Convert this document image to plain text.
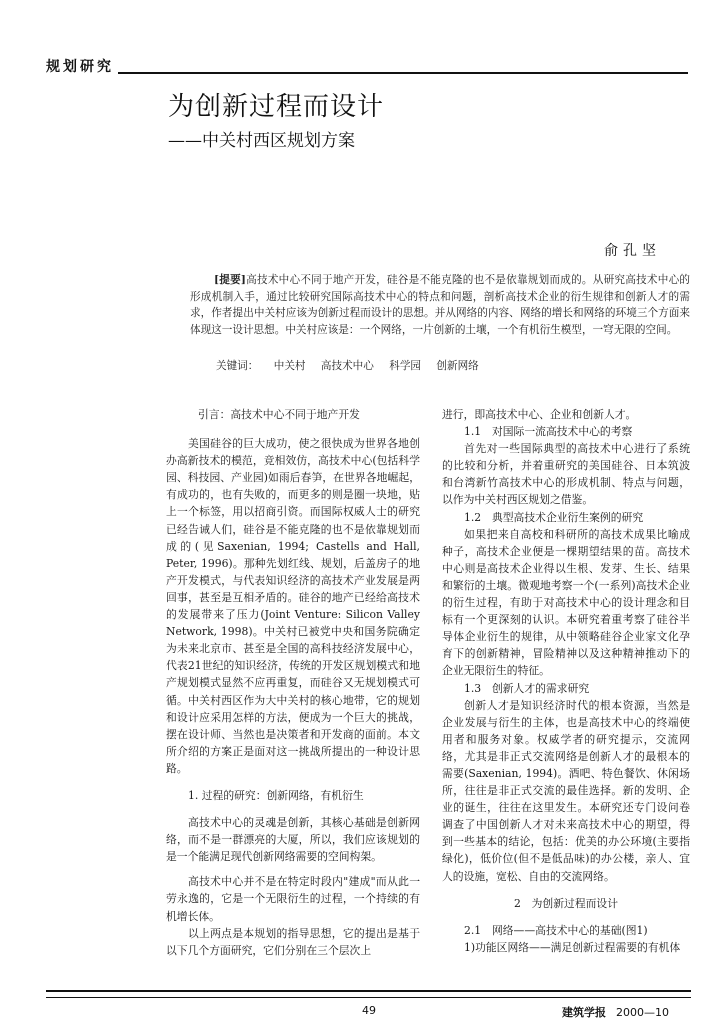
规划研究
为创新过程而设计
——中关村西区规划方案
俞孔坚
[提要]高技术中心不同于地产开发，硅谷是不能克隆的也不是依靠规划而成的。从研究高技术中心的形成机制入手，通过比较研究国际高技术中心的特点和问题，剖析高技术企业的衍生规律和创新人才的需求，作者提出中关村应该为创新过程而设计的思想。并从网络的内容、网络的增长和网络的环境三个方面来体现这一设计思想。中关村应该是：一个网络，一片创新的土壤，一个有机衍生模型，一穹无限的空间。
关键词： 中关村 高技术中心 科学园 创新网络
引言：高技术中心不同于地产开发

美国硅谷的巨大成功，使之很快成为世界各地创办高新技术的模范，竞相效仿，高技术中心(包括科学园、科技园、产业园)如雨后春笋，在世界各地崛起，有成功的，也有失败的，而更多的则是圈一块地，贴上一个标签，用以招商引资。而国际权威人士的研究已经告诫人们，硅谷是不能克隆的也不是依靠规划而成的(见Saxenian, 1994; Castells and Hall, Peter, 1996)。那种先划红线、规划，后盖房子的地产开发模式，与代表知识经济的高技术产业发展是两回事，甚至是互相矛盾的。硅谷的地产已经给高技术的发展带来了压力(Joint Venture: Silicon Valley Network, 1998)。中关村已被党中央和国务院确定为未来北京市、甚至是全国的高科技经济发展中心，代表21世纪的知识经济，传统的开发区规划模式和地产规划模式显然不应再重复，而硅谷又无规划模式可循。中关村西区作为大中关村的核心地带，它的规划和设计应采用怎样的方法，便成为一个巨大的挑战，摆在设计师、当然也是决策者和开发商的面前。本文所介绍的方案正是面对这一挑战所提出的一种设计思路。

1. 过程的研究：创新网络，有机衍生

高技术中心的灵魂是创新，其核心基础是创新网络，而不是一群漂亮的大厦，所以，我们应该规划的是一个能满足现代创新网络需要的空间构架。

高技术中心并不是在特定时段内"建成"而从此一劳永逸的，它是一个无限衍生的过程，一个持续的有机增长体。

以上两点是本规划的指导思想，它的提出是基于以下几个方面研究，它们分别在三个层次上

进行，即高技术中心、企业和创新人才。

1.1　对国际一流高技术中心的考察

首先对一些国际典型的高技术中心进行了系统的比较和分析，并着重研究的美国硅谷、日本筑波和台湾新竹高技术中心的形成机制、特点与问题，以作为中关村西区规划之借鉴。

1.2　典型高技术企业衍生案例的研究

如果把来自高校和科研所的高技术成果比喻成种子，高技术企业便是一棵期望结果的苗。高技术中心则是高技术企业得以生根、发芽、生长、结果和繁衍的土壤。微观地考察一个(一系列)高技术企业的衍生过程，有助于对高技术中心的设计理念和目标有一个更深刻的认识。本研究着重考察了硅谷半导体企业衍生的规律，从中领略硅谷企业家文化孕育下的创新精神，冒险精神以及这种精神推动下的企业无限衍生的特征。

1.3　创新人才的需求研究

创新人才是知识经济时代的根本资源，当然是企业发展与衍生的主体，也是高技术中心的终端使用者和服务对象。权威学者的研究提示，交流网络，尤其是非正式交流网络是创新人才的最根本的需要(Saxenian, 1994)。酒吧、特色餐饮、休闲场所，往往是非正式交流的最佳选择。新的发明、企业的诞生，往往在这里发生。本研究还专门设问卷调查了中国创新人才对未来高技术中心的期望，得到一些基本的结论，包括：优美的办公环境(主要指绿化)，低价位(但不是低品味)的办公楼，亲人、宜人的设施，宽松、自由的交流网络。

2　为创新过程而设计
2.1　网络——高技术中心的基础(图1)

1)功能区网络——满足创新过程需要的有机体

49	建筑学报 2000—10
